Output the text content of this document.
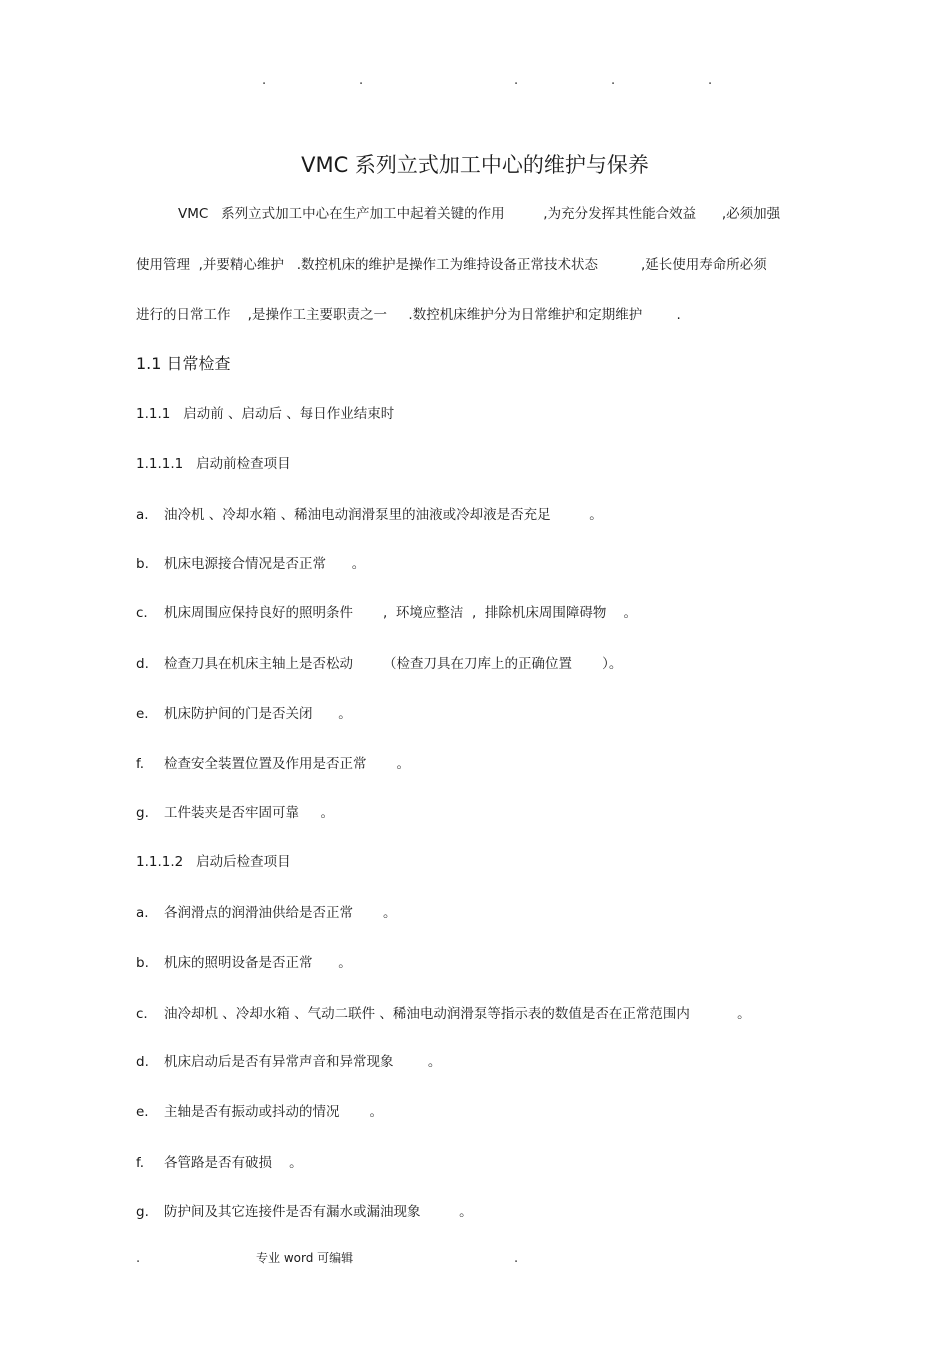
.	.	.	.	.
VMC 系列立式加工中心的维护与保养

VMC   系列立式加工中心在生产加工中起着关键的作用         ,为充分发挥其性能合效益      ,必须加强

使用管理  ,并要精心维护   .数控机床的维护是操作工为维持设备正常技术状态          ,延长使用寿命所必须

进行的日常工作    ,是操作工主要职责之一     .数控机床维护分为日常维护和定期维护        .

1.1 日常检查
1.1.1   启动前 、启动后 、每日作业结束时
1.1.1.1   启动前检查项目
a. 油冷机 、冷却水箱 、稀油电动润滑泵里的油液或冷却液是否充足         。
b. 机床电源接合情况是否正常      。
c. 机床周围应保持良好的照明条件       ,  环境应整洁  ,  排除机床周围障碍物    。
d. 检查刀具在机床主轴上是否松动       （检查刀具在刀库上的正确位置       ）。
e. 机床防护间的门是否关闭      。
f. 检查安全装置位置及作用是否正常       。
g. 工件装夹是否牢固可靠     。
1.1.1.2   启动后检查项目
a. 各润滑点的润滑油供给是否正常       。
b. 机床的照明设备是否正常      。
c. 油冷却机 、冷却水箱 、气动二联件 、稀油电动润滑泵等指示表的数值是否在正常范围内           。
d. 机床启动后是否有异常声音和异常现象        。
e. 主轴是否有振动或抖动的情况       。
f. 各管路是否有破损    。
g. 防护间及其它连接件是否有漏水或漏油现象         。
.	专业 word 可编辑	.
